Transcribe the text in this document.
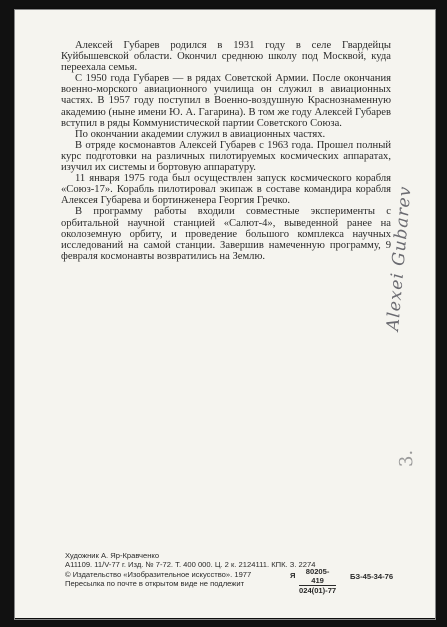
Алексей Губарев родился в 1931 году в селе Гвардейцы Куйбышевской области. Окончил среднюю школу под Москвой, куда переехала семья.

С 1950 года Губарев — в рядах Советской Армии. После окончания военно-морского авиационного училища он служил в авиационных частях. В 1957 году поступил в Военно-воздушную Краснознаменную академию (ныне имени Ю. А. Гагарина). В том же году Алексей Губарев вступил в ряды Коммунистической партии Советского Союза.

По окончании академии служил в авиационных частях.

В отряде космонавтов Алексей Губарев с 1963 года. Прошел полный курс подготовки на различных пилотируемых космических аппаратах, изучил их системы и бортовую аппаратуру.

11 января 1975 года был осуществлен запуск космического корабля «Союз-17». Корабль пилотировал экипаж в составе командира корабля Алексея Губарева и бортинженера Георгия Гречко.

В программу работы входили совместные эксперименты с орбитальной научной станцией «Салют-4», выведенной ранее на околоземную орбиту, и проведение большого комплекса научных исследований на самой станции. Завершив намеченную программу, 9 февраля космонавты возвратились на Землю.	Alexei Gubarev
3.
Художник А. Яр-Кравченко
А11109. 11/V-77 г. Изд. № 7-72. Т. 400 000. Ц. 2 к. 2124111. КПК. З. 2274
© Издательство «Изобразительное искусство». 1977
Пересылка по почте в открытом виде не подлежит
Я $\frac{80205-419}{024(01)-77} БЗ-45-34-76$
